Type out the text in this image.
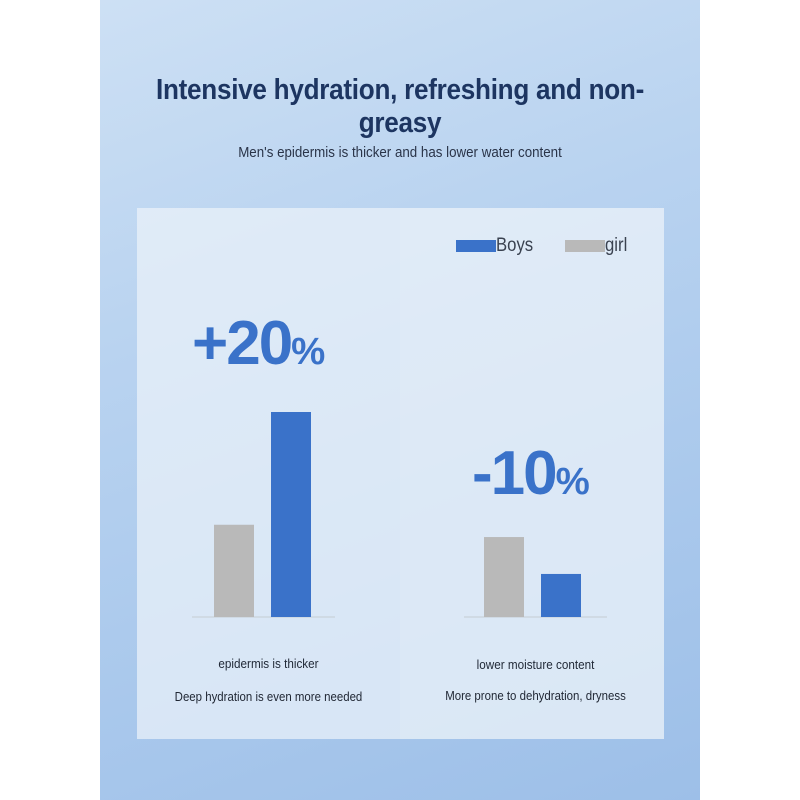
Intensive hydration, refreshing and non-greasy
Men's epidermis is thicker and has lower water content
Boys	girl
+20%
-10%
epidermis is thicker
Deep hydration is even more needed
lower moisture content
More prone to dehydration, dryness
